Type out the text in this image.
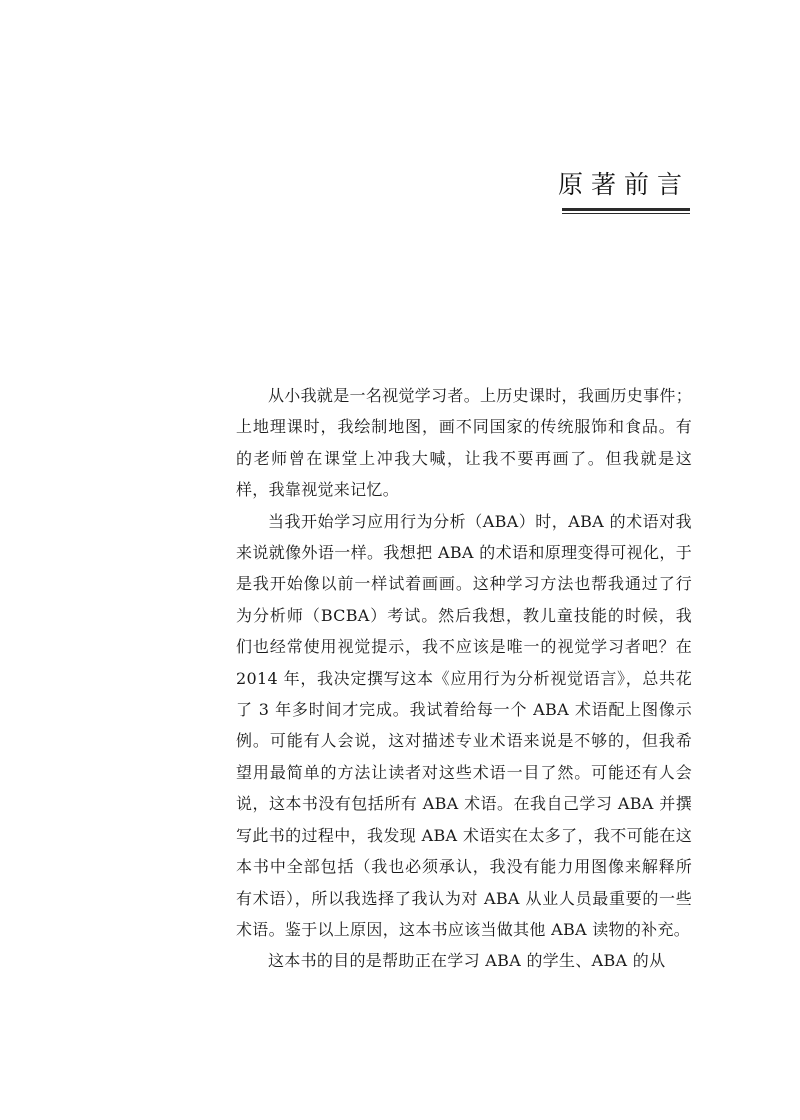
原著前言

从小我就是一名视觉学习者。上历史课时，我画历史事件；上地理课时，我绘制地图，画不同国家的传统服饰和食品。有的老师曾在课堂上冲我大喊，让我不要再画了。但我就是这样，我靠视觉来记忆。

当我开始学习应用行为分析（ABA）时，ABA 的术语对我来说就像外语一样。我想把 ABA 的术语和原理变得可视化，于是我开始像以前一样试着画画。这种学习方法也帮我通过了行为分析师（BCBA）考试。然后我想，教儿童技能的时候，我们也经常使用视觉提示，我不应该是唯一的视觉学习者吧？在 2014 年，我决定撰写这本《应用行为分析视觉语言》，总共花了 3 年多时间才完成。我试着给每一个 ABA 术语配上图像示例。可能有人会说，这对描述专业术语来说是不够的，但我希望用最简单的方法让读者对这些术语一目了然。可能还有人会说，这本书没有包括所有 ABA 术语。在我自己学习 ABA 并撰写此书的过程中，我发现 ABA 术语实在太多了，我不可能在这本书中全部包括（我也必须承认，我没有能力用图像来解释所有术语），所以我选择了我认为对 ABA 从业人员最重要的一些术语。鉴于以上原因，这本书应该当做其他 ABA 读物的补充。

这本书的目的是帮助正在学习 ABA 的学生、ABA 的从
